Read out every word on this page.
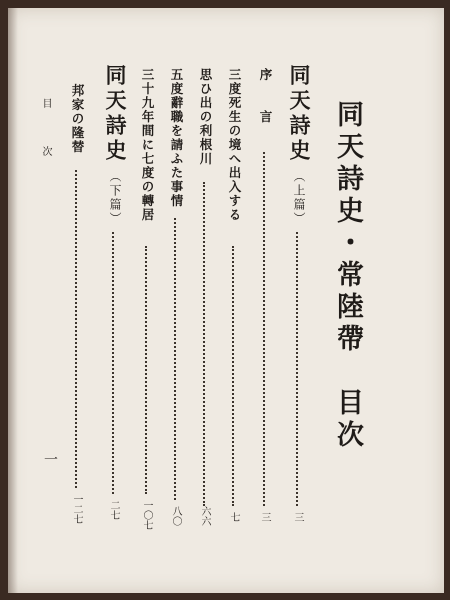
同天詩史・常陸帶　目次
同天詩史
（上篇）
三
序　　言
三
三度死生の境へ出入する
七
思ひ出の利根川
六六
五度辭職を請ふた事情
八〇
三十九年間に七度の轉居
一〇七
同天詩史
（下篇）
二七
邦家の隆替
一二七
目　　次
一
